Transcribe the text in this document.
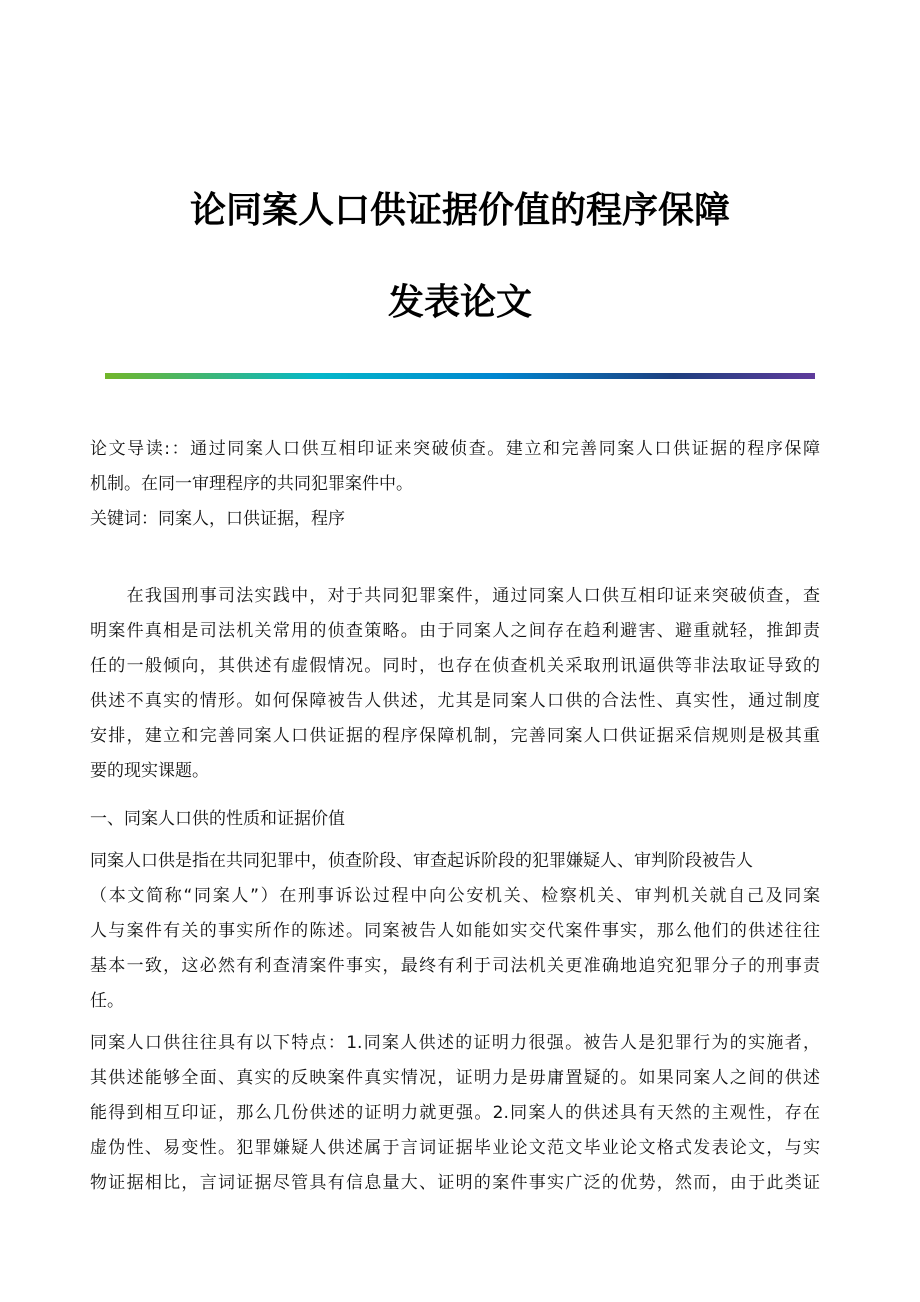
论同案人口供证据价值的程序保障
发表论文
论文导读:：通过同案人口供互相印证来突破侦查。建立和完善同案人口供证据的程序保障
机制。在同一审理程序的共同犯罪案件中。
关键词：同案人，口供证据，程序
　　在我国刑事司法实践中，对于共同犯罪案件，通过同案人口供互相印证来突破侦查，查
明案件真相是司法机关常用的侦查策略。由于同案人之间存在趋利避害、避重就轻，推卸责
任的一般倾向，其供述有虚假情况。同时，也存在侦查机关采取刑讯逼供等非法取证导致的
供述不真实的情形。如何保障被告人供述，尤其是同案人口供的合法性、真实性，通过制度
安排，建立和完善同案人口供证据的程序保障机制，完善同案人口供证据采信规则是极其重
要的现实课题。
一、同案人口供的性质和证据价值
同案人口供是指在共同犯罪中，侦查阶段、审查起诉阶段的犯罪嫌疑人、审判阶段被告人
（本文简称“同案人”）在刑事诉讼过程中向公安机关、检察机关、审判机关就自己及同案
人与案件有关的事实所作的陈述。同案被告人如能如实交代案件事实，那么他们的供述往往
基本一致，这必然有利查清案件事实，最终有利于司法机关更准确地追究犯罪分子的刑事责
任。
同案人口供往往具有以下特点：1.同案人供述的证明力很强。被告人是犯罪行为的实施者，
其供述能够全面、真实的反映案件真实情况，证明力是毋庸置疑的。如果同案人之间的供述
能得到相互印证，那么几份供述的证明力就更强。2.同案人的供述具有天然的主观性，存在
虚伪性、易变性。犯罪嫌疑人供述属于言词证据毕业论文范文毕业论文格式发表论文，与实
物证据相比，言词证据尽管具有信息量大、证明的案件事实广泛的优势，然而，由于此类证
